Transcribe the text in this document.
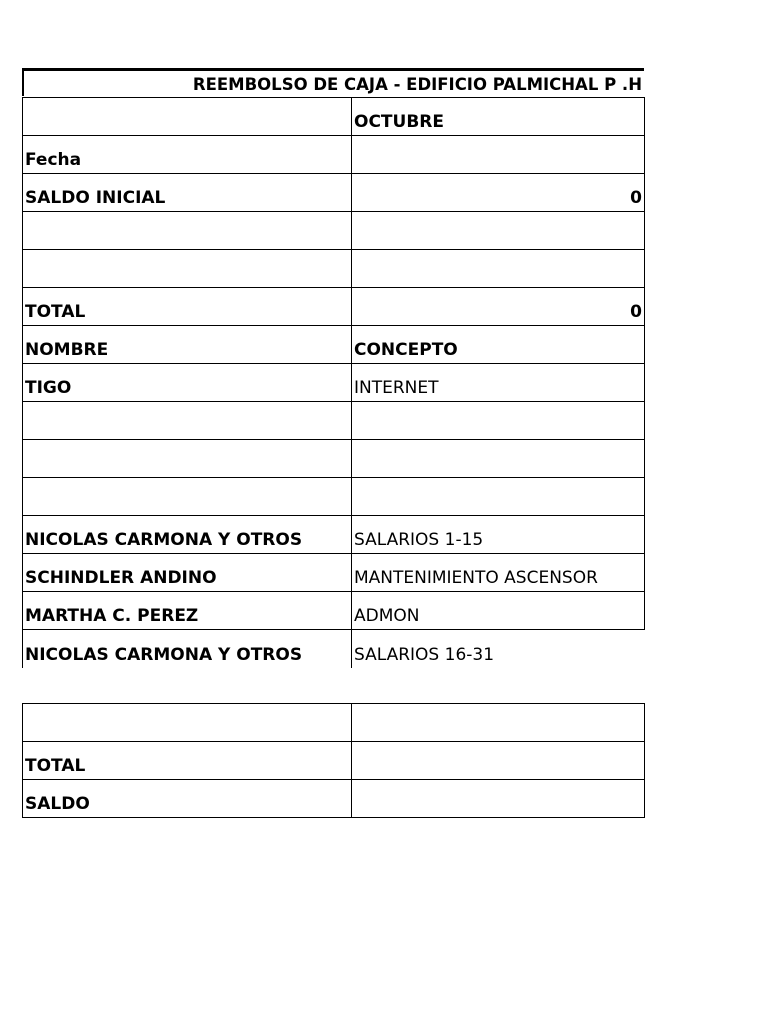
REEMBOLSO DE CAJA - EDIFICIO PALMICHAL P .H
	OCTUBRE
Fecha	
SALDO INICIAL	0

TOTAL	0
NOMBRE	CONCEPTO
TIGO	INTERNET

NICOLAS CARMONA Y OTROS	SALARIOS 1-15
SCHINDLER ANDINO	MANTENIMIENTO ASCENSOR
MARTHA C. PEREZ	ADMON
NICOLAS CARMONA Y OTROS	SALARIOS 16-31

TOTAL	
SALDO	
